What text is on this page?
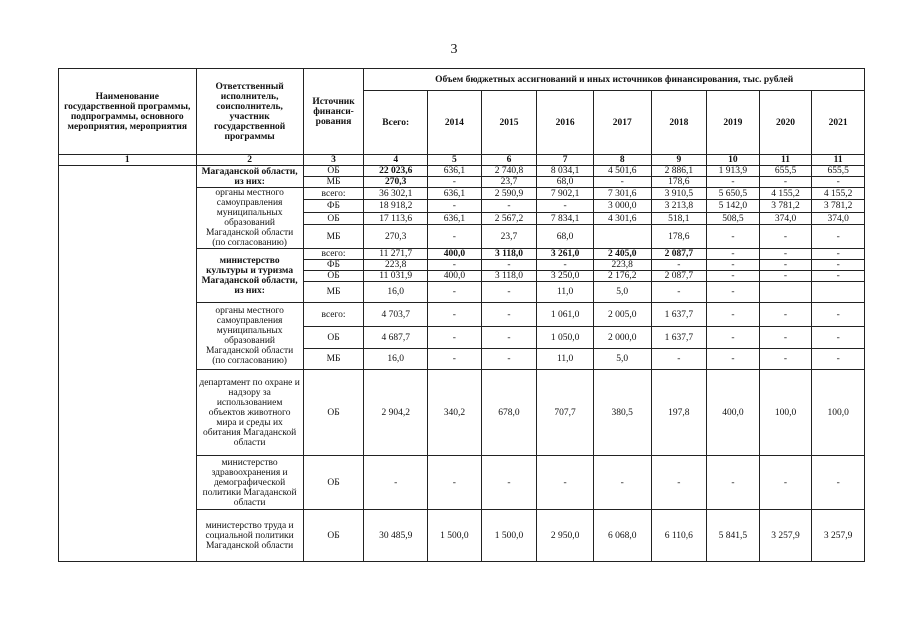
3
Наименование государственной программы, подпрограммы, основного мероприятия, мероприятия	Ответственный исполнитель, соисполнитель, участник государственной программы	Источник финанси-рования	Объем бюджетных ассигнований и иных источников финансирования, тыс. рублей								
			Всего:	2014	2015	2016	2017	2018	2019	2020	2021
1	2	3	4	5	6	7	8	9	10	11	11
	Магаданской области, из них:	ОБ	22 023,6	636,1	2 740,8	8 034,1	4 501,6	2 886,1	1 913,9	655,5	655,5
		МБ	270,3	-	23,7	68,0	-	178,6	-	-	-
	органы местного самоуправления муниципальных образований Магаданской области (по согласованию)	всего:	36 302,1	636,1	2 590,9	7 902,1	7 301,6	3 910,5	5 650,5	4 155,2	4 155,2
		ФБ	18 918,2	-	-	-	3 000,0	3 213,8	5 142,0	3 781,2	3 781,2
		ОБ	17 113,6	636,1	2 567,2	7 834,1	4 301,6	518,1	508,5	374,0	374,0
		МБ	270,3	-	23,7	68,0		178,6	-	-	-
	министерство культуры и туризма Магаданской области, из них:	всего:	11 271,7	400,0	3 118,0	3 261,0	2 405,0	2 087,7	-	-	-
		ФБ	223,8	-	-	-	223,8	-	-	-	-
		ОБ	11 031,9	400,0	3 118,0	3 250,0	2 176,2	2 087,7	-	-	-
		МБ	16,0	-	-	11,0	5,0	-	-		
	органы местного самоуправления муниципальных образований Магаданской области (по согласованию)	всего:	4 703,7	-	-	1 061,0	2 005,0	1 637,7	-	-	-
		ОБ	4 687,7	-	-	1 050,0	2 000,0	1 637,7	-	-	-
		МБ	16,0	-	-	11,0	5,0	-	-	-	-
	департамент по охране и надзору за использованием объектов животного мира и среды их обитания Магаданской области	ОБ	2 904,2	340,2	678,0	707,7	380,5	197,8	400,0	100,0	100,0
	министерство здравоохранения и демографической политики Магаданской области	ОБ	-	-	-	-	-	-	-	-	-
	министерство труда и социальной политики Магаданской области	ОБ	30 485,9	1 500,0	1 500,0	2 950,0	6 068,0	6 110,6	5 841,5	3 257,9	3 257,9
